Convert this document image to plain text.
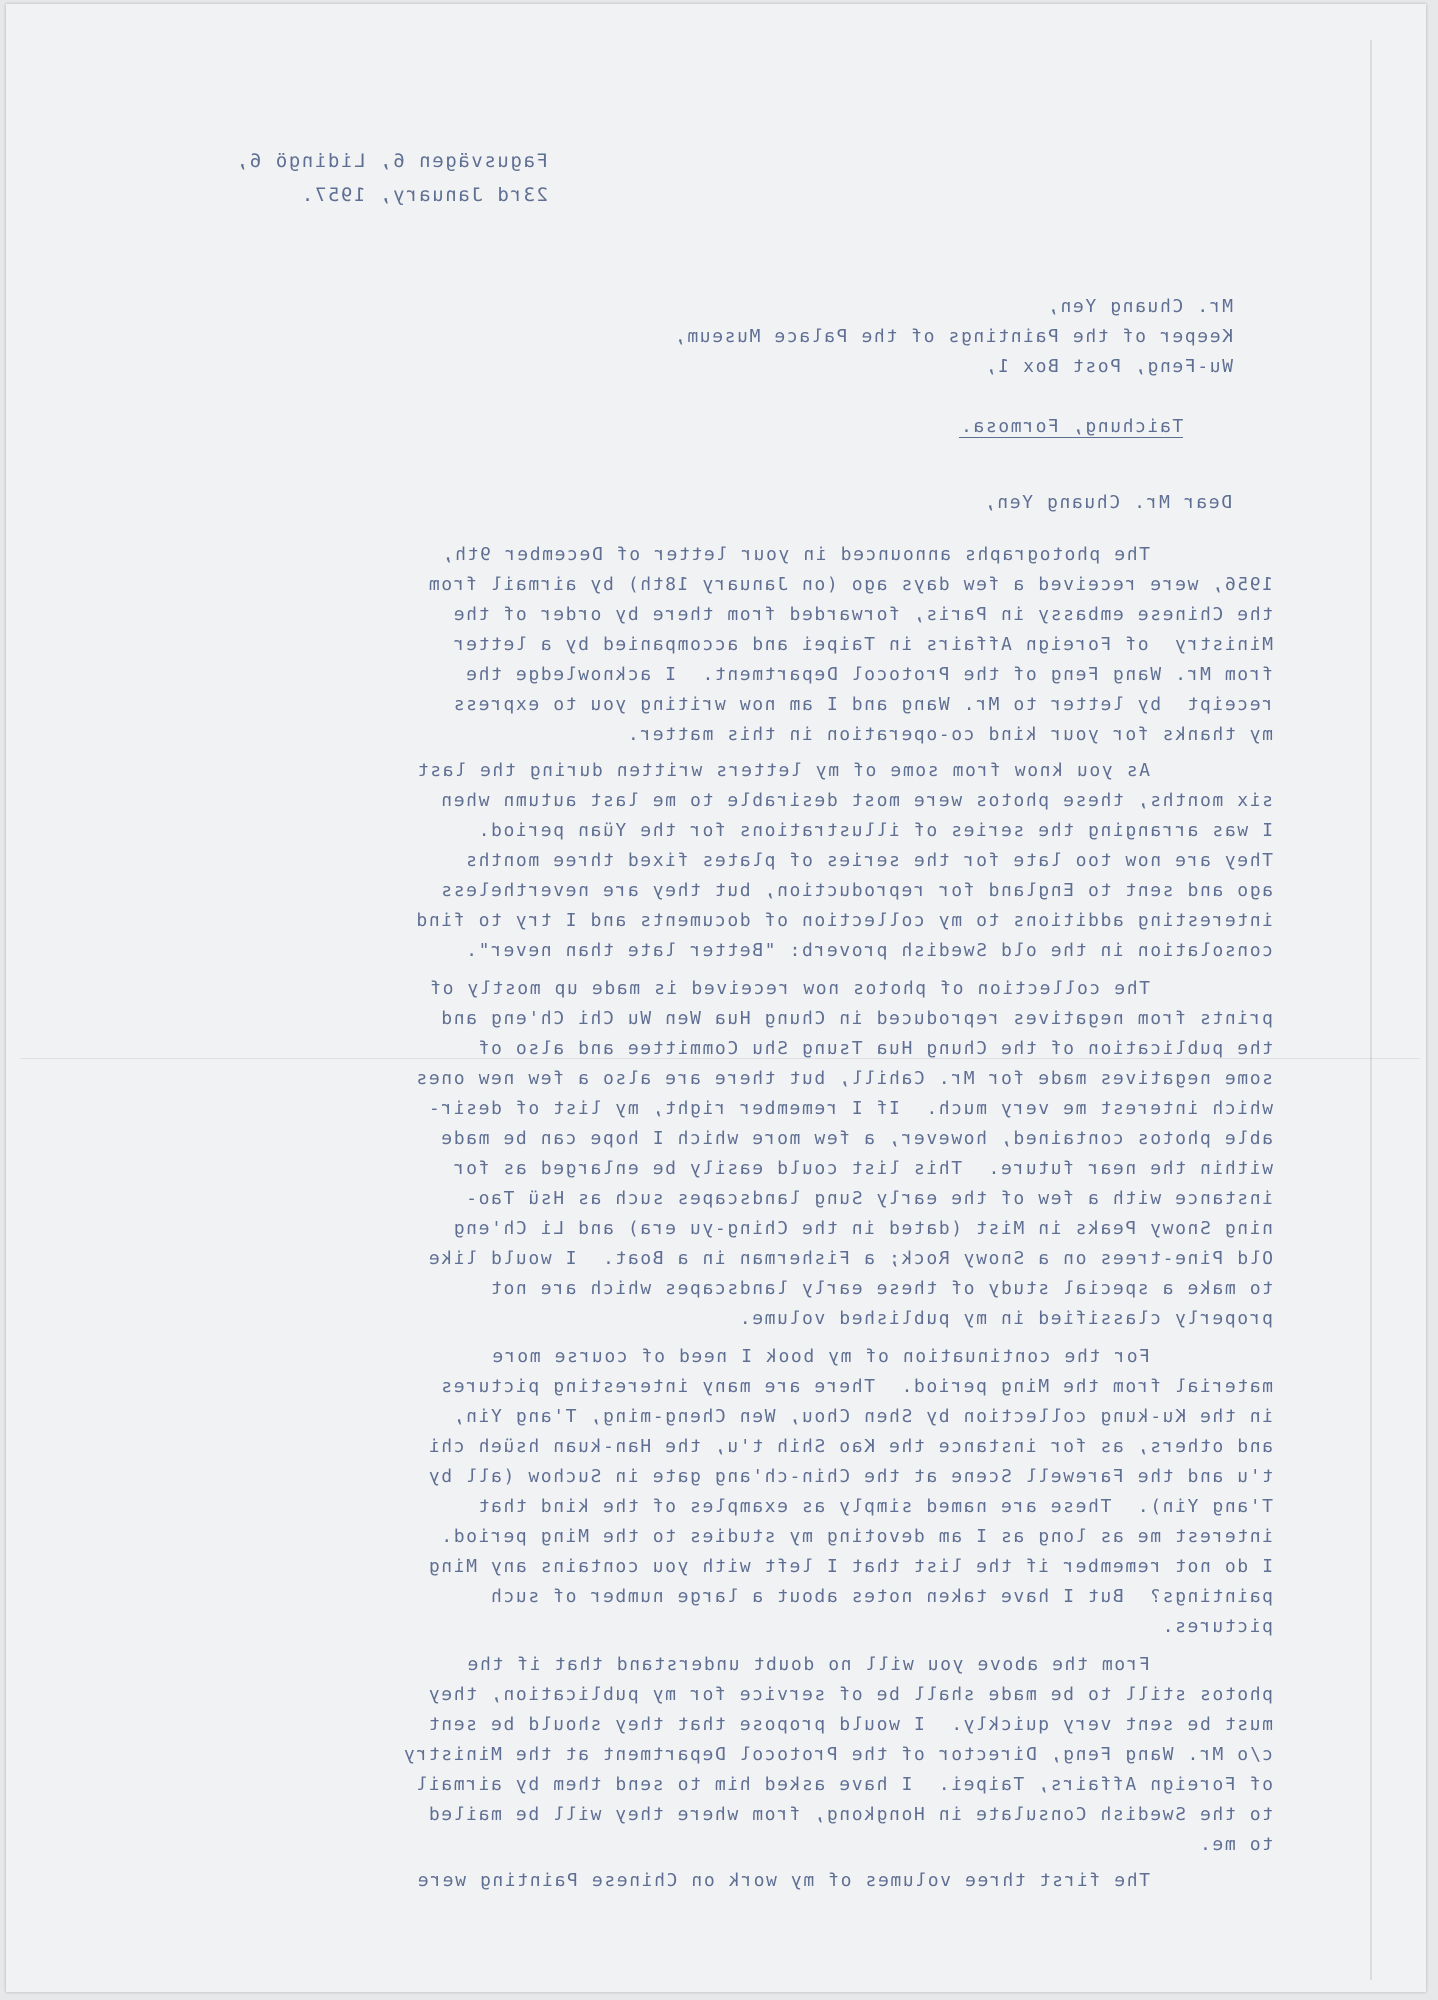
Fagusvägen 6, Lidingö 6,

23rd January, 1957.

Mr. Chuang Yen,

Keeper of the Paintings of the Palace Museum,

Wu-Feng, Post Box 1,

Taichung, Formosa.

Dear Mr. Chuang Yen,

The photographs announced in your letter of December 9th,

1956, were received a few days ago (on January 18th) by airmail from

the Chinese embassy in Paris, forwarded from there by order of the

Ministry  of Foreign Affairs in Taipei and accompanied by a letter

from Mr. Wang Feng of the Protocol Department.  I acknowledge the

receipt  by letter to Mr. Wang and I am now writing you to express

my thanks for your kind co-operation in this matter.

As you know from some of my letters written during the last

six months, these photos were most desirable to me last autumn when

I was arranging the series of illustrations for the Yüan period.

They are now too late for the series of plates fixed three months

ago and sent to England for reproduction, but they are nevertheless

interesting additions to my collection of documents and I try to find

consolation in the old Swedish proverb: "Better late than never".

The collection of photos now received is made up mostly of

prints from negatives reproduced in Chung Hua Wen Wu Chi Ch'eng and

the publication of the Chung Hua Tsung Shu Committee and also of

some negatives made for Mr. Cahill, but there are also a few new ones

which interest me very much.  If I remember right, my list of desir-

able photos contained, however, a few more which I hope can be made

within the near future.  This list could easily be enlarged as for

instance with a few of the early Sung landscapes such as Hsü Tao-

ning Snowy Peaks in Mist (dated in the Ching-yu era) and Li Ch'eng

Old Pine-trees on a Snowy Rock; a Fisherman in a Boat.  I would like

to make a special study of these early landscapes which are not

properly classified in my published volume.

For the continuation of my book I need of course more

material from the Ming period.  There are many interesting pictures

in the Ku-kung collection by Shen Chou, Wen Cheng-ming, T'ang Yin,

and others, as for instance the Kao Shih t'u, the Han-kuan hsüeh chi

t'u and the Farewell Scene at the Chin-ch'ang gate in Suchow (all by

T'ang Yin).  These are named simply as examples of the kind that

interest me as long as I am devoting my studies to the Ming period.

I do not remember if the list that I left with you contains any Ming

paintings?  But I have taken notes about a large number of such

pictures.

From the above you will no doubt understand that if the

photos still to be made shall be of service for my publication, they

must be sent very quickly.  I would propose that they should be sent

c/o Mr. Wang Feng, Director of the Protocol Department at the Ministry

of Foreign Affairs, Taipei.  I have asked him to send them by airmail

to the Swedish Consulate in Hongkong, from where they will be mailed

to me.

The first three volumes of my work on Chinese Painting were
